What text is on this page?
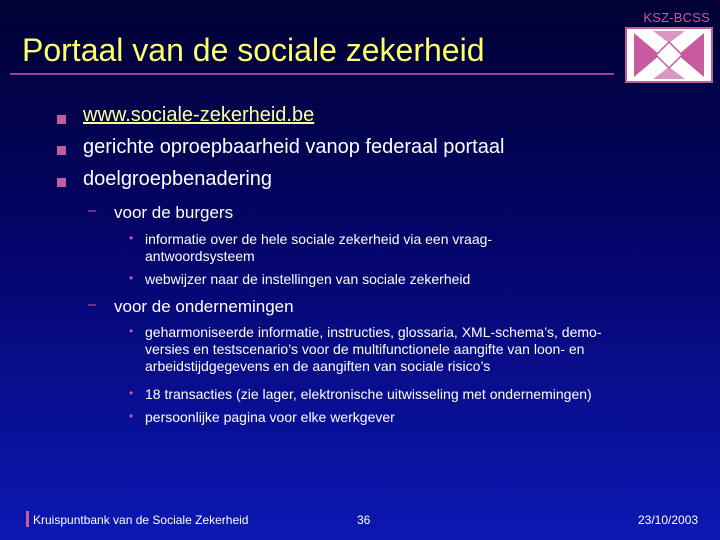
KSZ-BCSS
Portaal van de sociale zekerheid
www.sociale-zekerheid.be
gerichte oproepbaarheid vanop federaal portaal
doelgroepbenadering
– voor de burgers
• informatie over de hele sociale zekerheid via een vraag-antwoordsysteem
• webwijzer naar de instellingen van sociale zekerheid
– voor de ondernemingen
• geharmoniseerde informatie, instructies, glossaria, XML-schema’s, demo-versies en testscenario’s voor de multifunctionele aangifte van loon- en arbeidstijdgegevens en de aangiften van sociale risico’s
• 18 transacties (zie lager, elektronische uitwisseling met ondernemingen)
• persoonlijke pagina voor elke werkgever
Kruispuntbank van de Sociale Zekerheid	36	23/10/2003
